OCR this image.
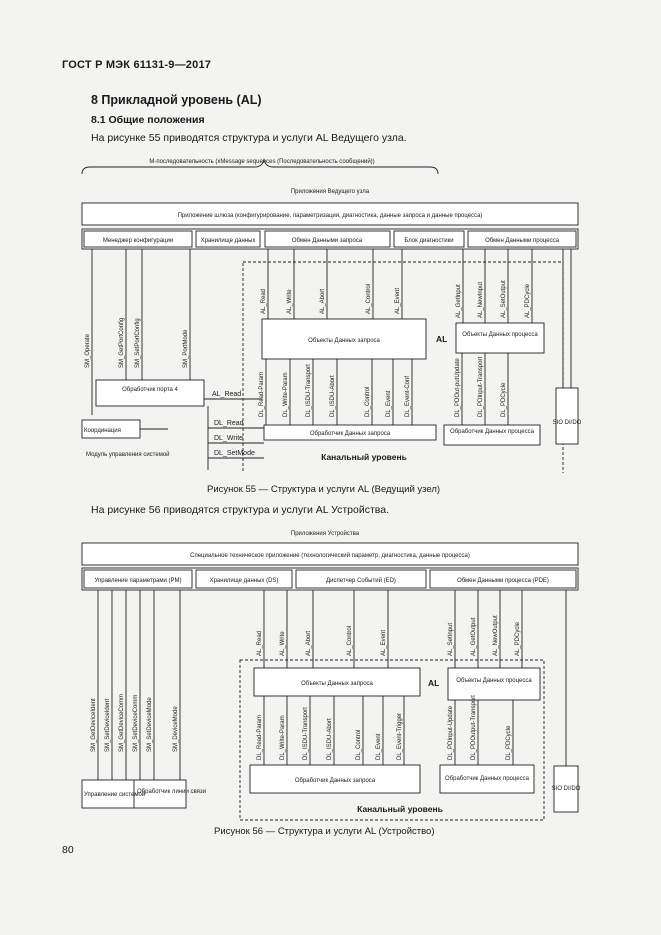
ГОСТ Р МЭК 61131-9—2017
8 Прикладной уровень (AL)
8.1 Общие положения
На рисунке 55 приводятся структура и услуги AL Ведущего узла.
M-последовательность (xMessage sequences (Последовательность сообщений))
Приложения Ведущего узла
Приложение шлюза (конфигурирование, параметризация, диагностика, данные запроса и данные процесса)
Менеджер конфигурации	Хранилище данных	Обмен Данными запроса	Блок диагностики	Обмен Данными процесса
SM_Operate	SM_GetPortConfig SM_SetPortConfig	SM_PortMode	Объекты Данных запроса	AL Объекты Данных процесса
AL_Read	AL_Write	AL_Abort	AL_Control	AL_Event	AL_GetInput	AL_NewInput	AL_SetOutput	AL_PDCycle
Обработчик порта 4
AL_Read
Координация
Модуль управления системой
DL_Read
DL_Write
DL_SetMode
DL_Read-Param	DL_Write-Param	DL_ISDU-Transport	DL_ISDU-Abort	DL_Control	DL_Event DL_Event-Conf	DL_PDOut-putUpdate	DL_PDInput-Transport	DL_PDCycle
Обработчик Данных запроса	Обработчик Данных процесса
Канальный уровень
SIO DI/DO
Рисунок 55 — Структура и услуги AL (Ведущий узел)
На рисунке 56 приводятся структура и услуги AL Устройства.
Приложения Устройства
Специальное техническое приложение (технологический параметр, диагностика, данные процесса)
Управление параметрами (PM)	Хранилище данных (DS)	Диспетчер Событий (ED)	Обмен Данными процесса (PDE)
SM_GetDeviceIdent SM_SetDeviceIdent SM_GetDeviceComm SM_SetDeviceComm SM_SetDeviceMode	SM_DeviceMode
Объекты Данных запроса	AL	Объекты Данных процесса
AL_Read	AL_Write	AL_Abort	AL_Control	AL_Event	AL_SetInput	AL_GetOutput	AL_NewOutput	AL_PDCycle
DL_Read-Param	DL_Write-Param	DL_ISDU-Transport	DL_ISDU-Abort	DL_Control DL_Event	DL_Event-Trigger	DL_PDInput-Update	DL_PDOutput-Transport	DL_PDCycle
Обработчик Данных запроса	Обработчик Данных процесса
Канальный уровень
Управление системой
Обработчик линии связи	SIO DI/DO
Рисунок 56 — Структура и услуги AL (Устройство)
80
